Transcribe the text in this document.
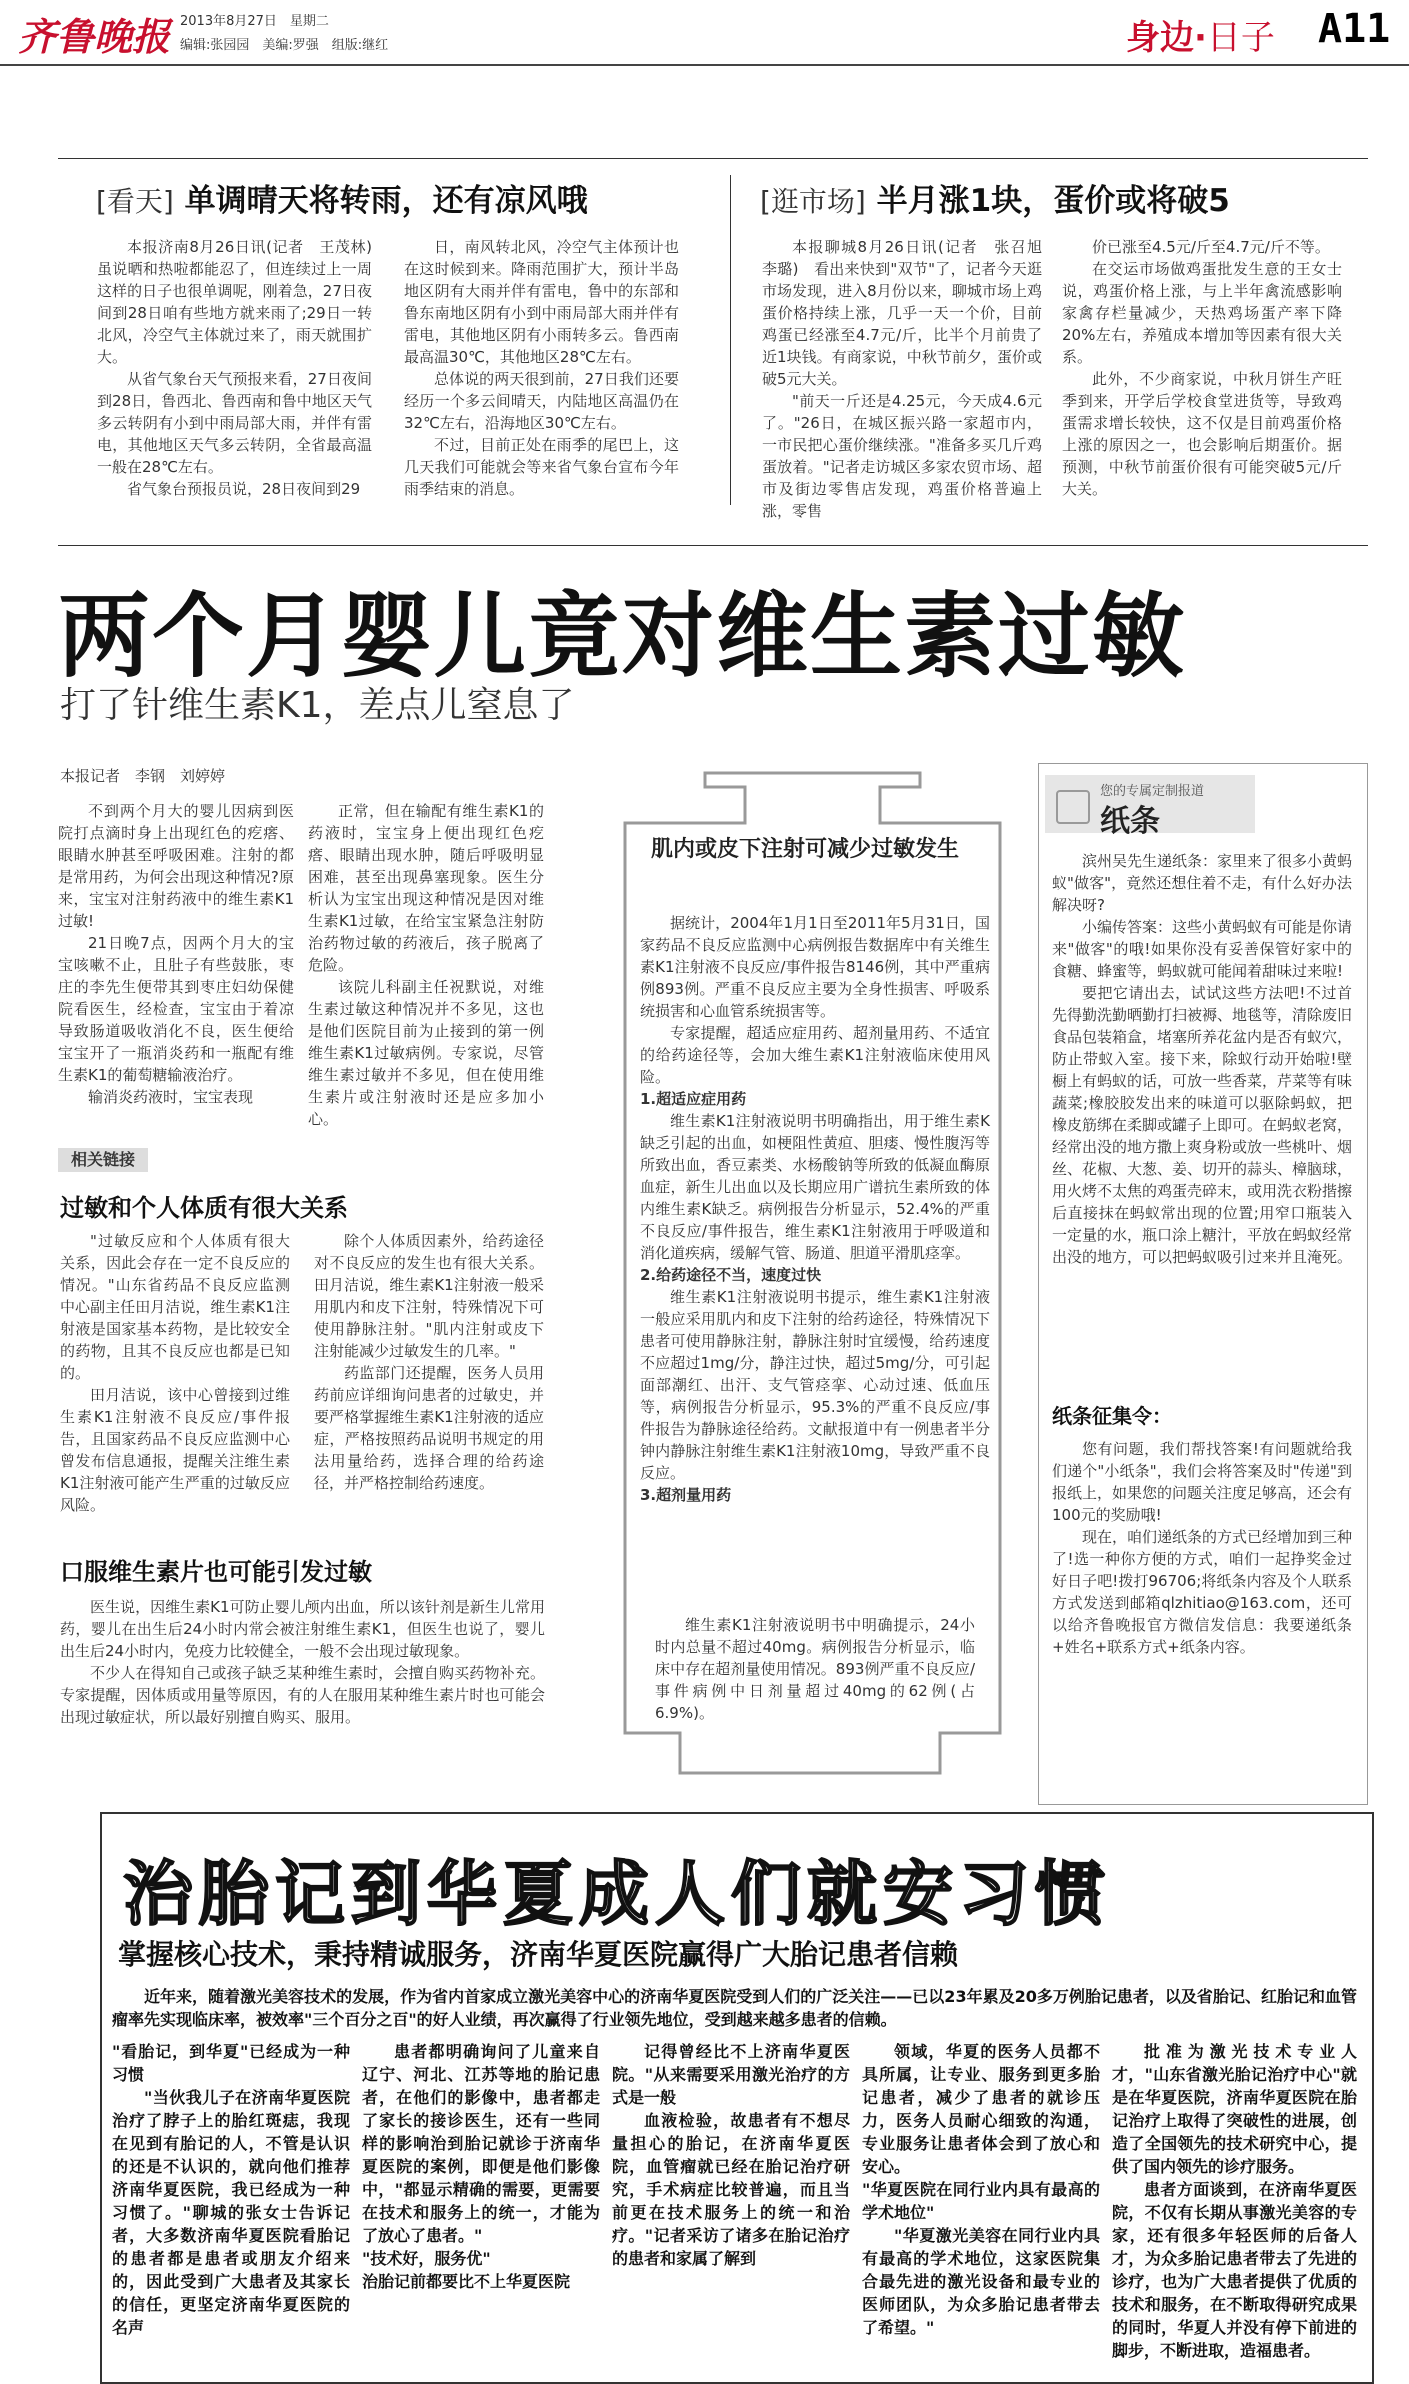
齐鲁晚报 2013年8月27日　星期二
编辑:张园园　美编:罗强　组版:继红	身边·日子 A11
[看天] 单调晴天将转雨，还有凉风哦

本报济南8月26日讯(记者　王茂林)　虽说晒和热啦都能忍了，但连续过上一周这样的日子也很单调呢，刚着急，27日夜间到28日咱有些地方就来雨了;29日一转北风，冷空气主体就过来了，雨天就围扩大。

从省气象台天气预报来看，27日夜间到28日，鲁西北、鲁西南和鲁中地区天气多云转阴有小到中雨局部大雨，并伴有雷电，其他地区天气多云转阴，全省最高温一般在28℃左右。

省气象台预报员说，28日夜间到29

日，南风转北风，冷空气主体预计也在这时候到来。降雨范围扩大，预计半岛地区阴有大雨并伴有雷电，鲁中的东部和鲁东南地区阴有小到中雨局部大雨并伴有雷电，其他地区阴有小雨转多云。鲁西南最高温30℃，其他地区28℃左右。

总体说的两天很到前，27日我们还要经历一个多云间晴天，内陆地区高温仍在32℃左右，沿海地区30℃左右。

不过，目前正处在雨季的尾巴上，这几天我们可能就会等来省气象台宣布今年雨季结束的消息。

[逛市场] 半月涨1块，蛋价或将破5

本报聊城8月26日讯(记者　张召旭　李璐)　看出来快到"双节"了，记者今天逛市场发现，进入8月份以来，聊城市场上鸡蛋价格持续上涨，几乎一天一个价，目前鸡蛋已经涨至4.7元/斤，比半个月前贵了近1块钱。有商家说，中秋节前夕，蛋价或破5元大关。

"前天一斤还是4.25元，今天成4.6元了。"26日，在城区振兴路一家超市内，一市民把心蛋价继续涨。"准备多买几斤鸡蛋放着。"记者走访城区多家农贸市场、超市及街边零售店发现，鸡蛋价格普遍上涨，零售

价已涨至4.5元/斤至4.7元/斤不等。

在交运市场做鸡蛋批发生意的王女士说，鸡蛋价格上涨，与上半年禽流感影响家禽存栏量减少，天热鸡场蛋产率下降20%左右，养殖成本增加等因素有很大关系。

此外，不少商家说，中秋月饼生产旺季到来，开学后学校食堂进货等，导致鸡蛋需求增长较快，这不仅是目前鸡蛋价格上涨的原因之一，也会影响后期蛋价。据预测，中秋节前蛋价很有可能突破5元/斤大关。

两个月婴儿竟对维生素过敏
打了针维生素K1，差点儿窒息了
本报记者　李钢　刘婷婷

不到两个月大的婴儿因病到医院打点滴时身上出现红色的疙瘩、眼睛水肿甚至呼吸困难。注射的都是常用药，为何会出现这种情况?原来，宝宝对注射药液中的维生素K1过敏!

21日晚7点，因两个月大的宝宝咳嗽不止，且肚子有些鼓胀，枣庄的李先生便带其到枣庄妇幼保健院看医生，经检查，宝宝由于着凉导致肠道吸收消化不良，医生便给宝宝开了一瓶消炎药和一瓶配有维生素K1的葡萄糖输液治疗。

输消炎药液时，宝宝表现

正常，但在输配有维生素K1的药液时，宝宝身上便出现红色疙瘩、眼睛出现水肿，随后呼吸明显困难，甚至出现鼻塞现象。医生分析认为宝宝出现这种情况是因对维生素K1过敏，在给宝宝紧急注射防治药物过敏的药液后，孩子脱离了危险。

该院儿科副主任祝默说，对维生素过敏这种情况并不多见，这也是他们医院目前为止接到的第一例维生素K1过敏病例。专家说，尽管维生素过敏并不多见，但在使用维生素片或注射液时还是应多加小心。

相关链接
过敏和个人体质有很大关系

"过敏反应和个人体质有很大关系，因此会存在一定不良反应的情况。"山东省药品不良反应监测中心副主任田月洁说，维生素K1注射液是国家基本药物，是比较安全的药物，且其不良反应也都是已知的。

田月洁说，该中心曾接到过维生素K1注射液不良反应/事件报告，且国家药品不良反应监测中心曾发布信息通报，提醒关注维生素K1注射液可能产生严重的过敏反应风险。

除个人体质因素外，给药途径对不良反应的发生也有很大关系。田月洁说，维生素K1注射液一般采用肌内和皮下注射，特殊情况下可使用静脉注射。"肌内注射或皮下注射能减少过敏发生的几率。"

药监部门还提醒，医务人员用药前应详细询问患者的过敏史，并要严格掌握维生素K1注射液的适应症，严格按照药品说明书规定的用法用量给药，选择合理的给药途径，并严格控制给药速度。

口服维生素片也可能引发过敏

医生说，因维生素K1可防止婴儿颅内出血，所以该针剂是新生儿常用药，婴儿在出生后24小时内常会被注射维生素K1，但医生也说了，婴儿出生后24小时内，免疫力比较健全，一般不会出现过敏现象。

不少人在得知自己或孩子缺乏某种维生素时，会擅自购买药物补充。专家提醒，因体质或用量等原因，有的人在服用某种维生素片时也可能会出现过敏症状，所以最好别擅自购买、服用。

肌内或皮下注射可减少过敏发生

据统计，2004年1月1日至2011年5月31日，国家药品不良反应监测中心病例报告数据库中有关维生素K1注射液不良反应/事件报告8146例，其中严重病例893例。严重不良反应主要为全身性损害、呼吸系统损害和心血管系统损害等。

专家提醒，超适应症用药、超剂量用药、不适宜的给药途径等，会加大维生素K1注射液临床使用风险。

1.超适应症用药

维生素K1注射液说明书明确指出，用于维生素K缺乏引起的出血，如梗阻性黄疸、胆瘘、慢性腹泻等所致出血，香豆素类、水杨酸钠等所致的低凝血酶原血症，新生儿出血以及长期应用广谱抗生素所致的体内维生素K缺乏。病例报告分析显示，52.4%的严重不良反应/事件报告，维生素K1注射液用于呼吸道和消化道疾病，缓解气管、肠道、胆道平滑肌痉挛。

2.给药途径不当，速度过快

维生素K1注射液说明书提示，维生素K1注射液一般应采用肌内和皮下注射的给药途径，特殊情况下患者可使用静脉注射，静脉注射时宜缓慢，给药速度不应超过1mg/分，静注过快，超过5mg/分，可引起面部潮红、出汗、支气管痉挛、心动过速、低血压等，病例报告分析显示，95.3%的严重不良反应/事件报告为静脉途径给药。文献报道中有一例患者半分钟内静脉注射维生素K1注射液10mg，导致严重不良反应。

3.超剂量用药

维生素K1注射液说明书中明确提示，24小时内总量不超过40mg。病例报告分析显示，临床中存在超剂量使用情况。893例严重不良反应/事件病例中日剂量超过40mg的62例(占6.9%)。

您的专属定制报道
纸条

滨州吴先生递纸条：家里来了很多小黄蚂蚁"做客"，竟然还想住着不走，有什么好办法解决呀?

小编传答案：这些小黄蚂蚁有可能是你请来"做客"的哦!如果你没有妥善保管好家中的食糖、蜂蜜等，蚂蚁就可能闻着甜味过来啦!

要把它请出去，试试这些方法吧!不过首先得勤洗勤晒勤打扫被褥、地毯等，清除废旧食品包装箱盒，堵塞所养花盆内是否有蚁穴，防止带蚁入室。接下来，除蚁行动开始啦!壁橱上有蚂蚁的话，可放一些香菜，芹菜等有味蔬菜;橡胶胶发出来的味道可以驱除蚂蚁，把橡皮筋绑在柔脚或罐子上即可。在蚂蚁老窝，经常出没的地方撒上爽身粉或放一些桃叶、烟丝、花椒、大葱、姜、切开的蒜头、樟脑球，用火烤不太焦的鸡蛋壳碎末，或用洗衣粉揩擦后直接抹在蚂蚁常出现的位置;用窄口瓶装入一定量的水，瓶口涂上糖汁，平放在蚂蚁经常出没的地方，可以把蚂蚁吸引过来并且淹死。

纸条征集令：

您有问题，我们帮找答案!有问题就给我们递个"小纸条"，我们会将答案及时"传递"到报纸上，如果您的问题关注度足够高，还会有100元的奖励哦!

现在，咱们递纸条的方式已经增加到三种了!选一种你方便的方式，咱们一起挣奖金过好日子吧!拨打96706;将纸条内容及个人联系方式发送到邮箱qlzhitiao@163.com，还可以给齐鲁晚报官方微信发信息：我要递纸条+姓名+联系方式+纸条内容。

治胎记到华夏成人们就安习惯
掌握核心技术，秉持精诚服务，济南华夏医院赢得广大胎记患者信赖

近年来，随着激光美容技术的发展，作为省内首家成立激光美容中心的济南华夏医院受到人们的广泛关注——已以23年累及20多万例胎记患者，以及省胎记、红胎记和血管瘤率先实现临床率，被效率"三个百分之百"的好人业绩，再次赢得了行业领先地位，受到越来越多患者的信赖。

"看胎记，到华夏"已经成为一种习惯

"当伙我儿子在济南华夏医院治疗了脖子上的胎红斑痣，我现在见到有胎记的人，不管是认识的还是不认识的，就向他们推荐济南华夏医院，我已经成为一种习惯了。"聊城的张女士告诉记者，大多数济南华夏医院看胎记的患者都是患者或朋友介绍来的，因此受到广大患者及其家长的信任，更坚定济南华夏医院的名声

患者都明确询问了儿童来自辽宁、河北、江苏等地的胎记患者，在他们的影像中，患者都走了家长的接诊医生，还有一些同样的影响治到胎记就诊于济南华夏医院的案例，即便是他们影像中，"都显示精确的需要，更需要在技术和服务上的统一，才能为了放心了患者。"

"技术好，服务优"

治胎记前都要比不上华夏医院

记得曾经比不上济南华夏医院。"从来需要采用激光治疗的方式是一般

血液检验，故患者有不想尽量担心的胎记，在济南华夏医院，血管瘤就已经在胎记治疗研究，手术病症比较普遍，而且当前更在技术服务上的统一和治疗。"记者采访了诸多在胎记治疗的患者和家属了解到

领域，华夏的医务人员都不具所属，让专业、服务到更多胎记患者，减少了患者的就诊压力，医务人员耐心细致的沟通，专业服务让患者体会到了放心和安心。

"华夏医院在同行业内具有最高的学术地位"

"华夏激光美容在同行业内具有最高的学术地位，这家医院集合最先进的激光设备和最专业的医师团队，为众多胎记患者带去了希望。"

批准为激光技术专业人才，"山东省激光胎记治疗中心"就是在华夏医院，济南华夏医院在胎记治疗上取得了突破性的进展，创造了全国领先的技术研究中心，提供了国内领先的诊疗服务。

患者方面谈到，在济南华夏医院，不仅有长期从事激光美容的专家，还有很多年轻医师的后备人才，为众多胎记患者带去了先进的诊疗，也为广大患者提供了优质的技术和服务，在不断取得研究成果的同时，华夏人并没有停下前进的脚步，不断进取，造福患者。
